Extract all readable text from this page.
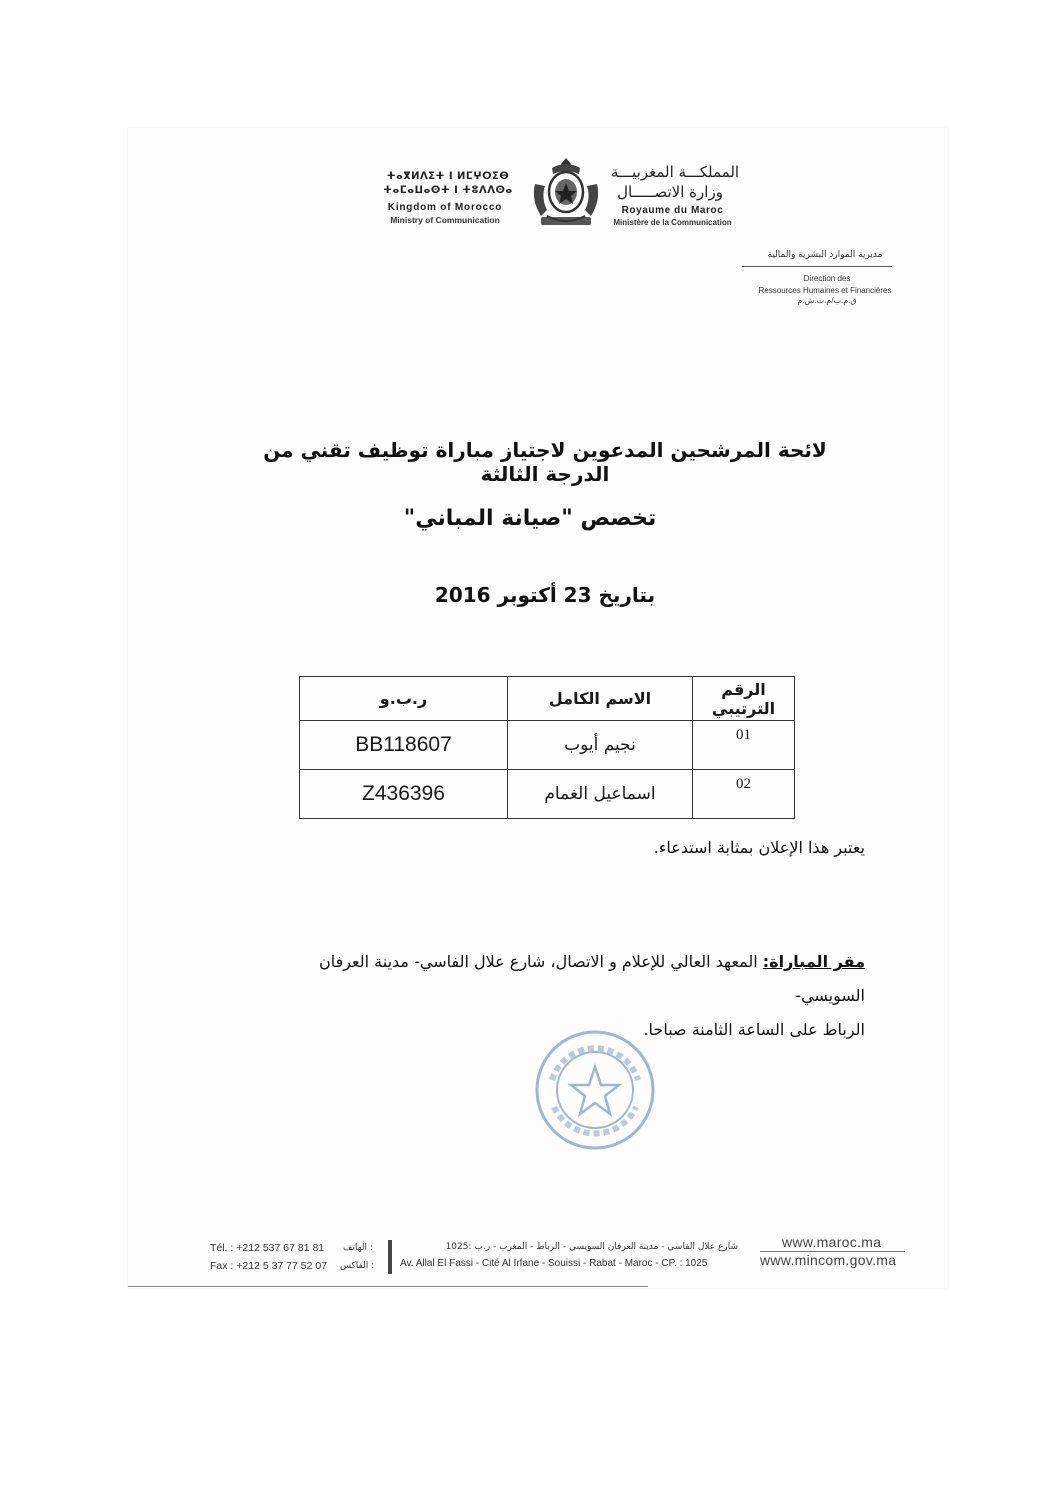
ⵜⴰⴳⵍⴷⵉⵜ ⵏ ⵍⵎⵖⵔⵉⴱ
ⵜⴰⵎⴰⵡⴰⵙⵜ ⵏ ⵜⵓⴷⴷⵙⴰ
Kingdom of Morocco
Ministry of Communication
المملكـــة المغربيـــة
وزارة الاتصـــــال
Royaume du Maroc
Ministère de la Communication
مديرية الموارد البشرية والمالية
Direction des
Ressources Humaines et Financières
ق.م.ب/م.ت.ش.م
لائحة المرشحين المدعوين لاجتياز مباراة توظيف تقني من الدرجة الثالثة
تخصص "صيانة المباني"
بتاريخ 23 أكتوبر 2016
ر.ب.و	الاسم الكامل	الرقم الترتيبي
BB118607	نجيم أيوب	01
Z436396	اسماعيل الغمام	02
يعتبر هذا الإعلان بمثابة استدعاء.
مقر المباراة: المعهد العالي للإعلام و الاتصال، شارع علال الفاسي- مدينة العرفان السويسي-
الرباط على الساعة الثامنة صباحا.
Tél. : +212 537 67 81 81 : الهاتف
Fax : +212 5 37 77 52 07 : الفاكس
شارع علال الفاسي - مدينة العرفان السويسي - الرباط - المغرب - ر.ب :1025
Av. Allal El Fassi - Cité Al Irfane - Souissi - Rabat - Maroc - CP. : 1025
www.maroc.ma
www.mincom.gov.ma
